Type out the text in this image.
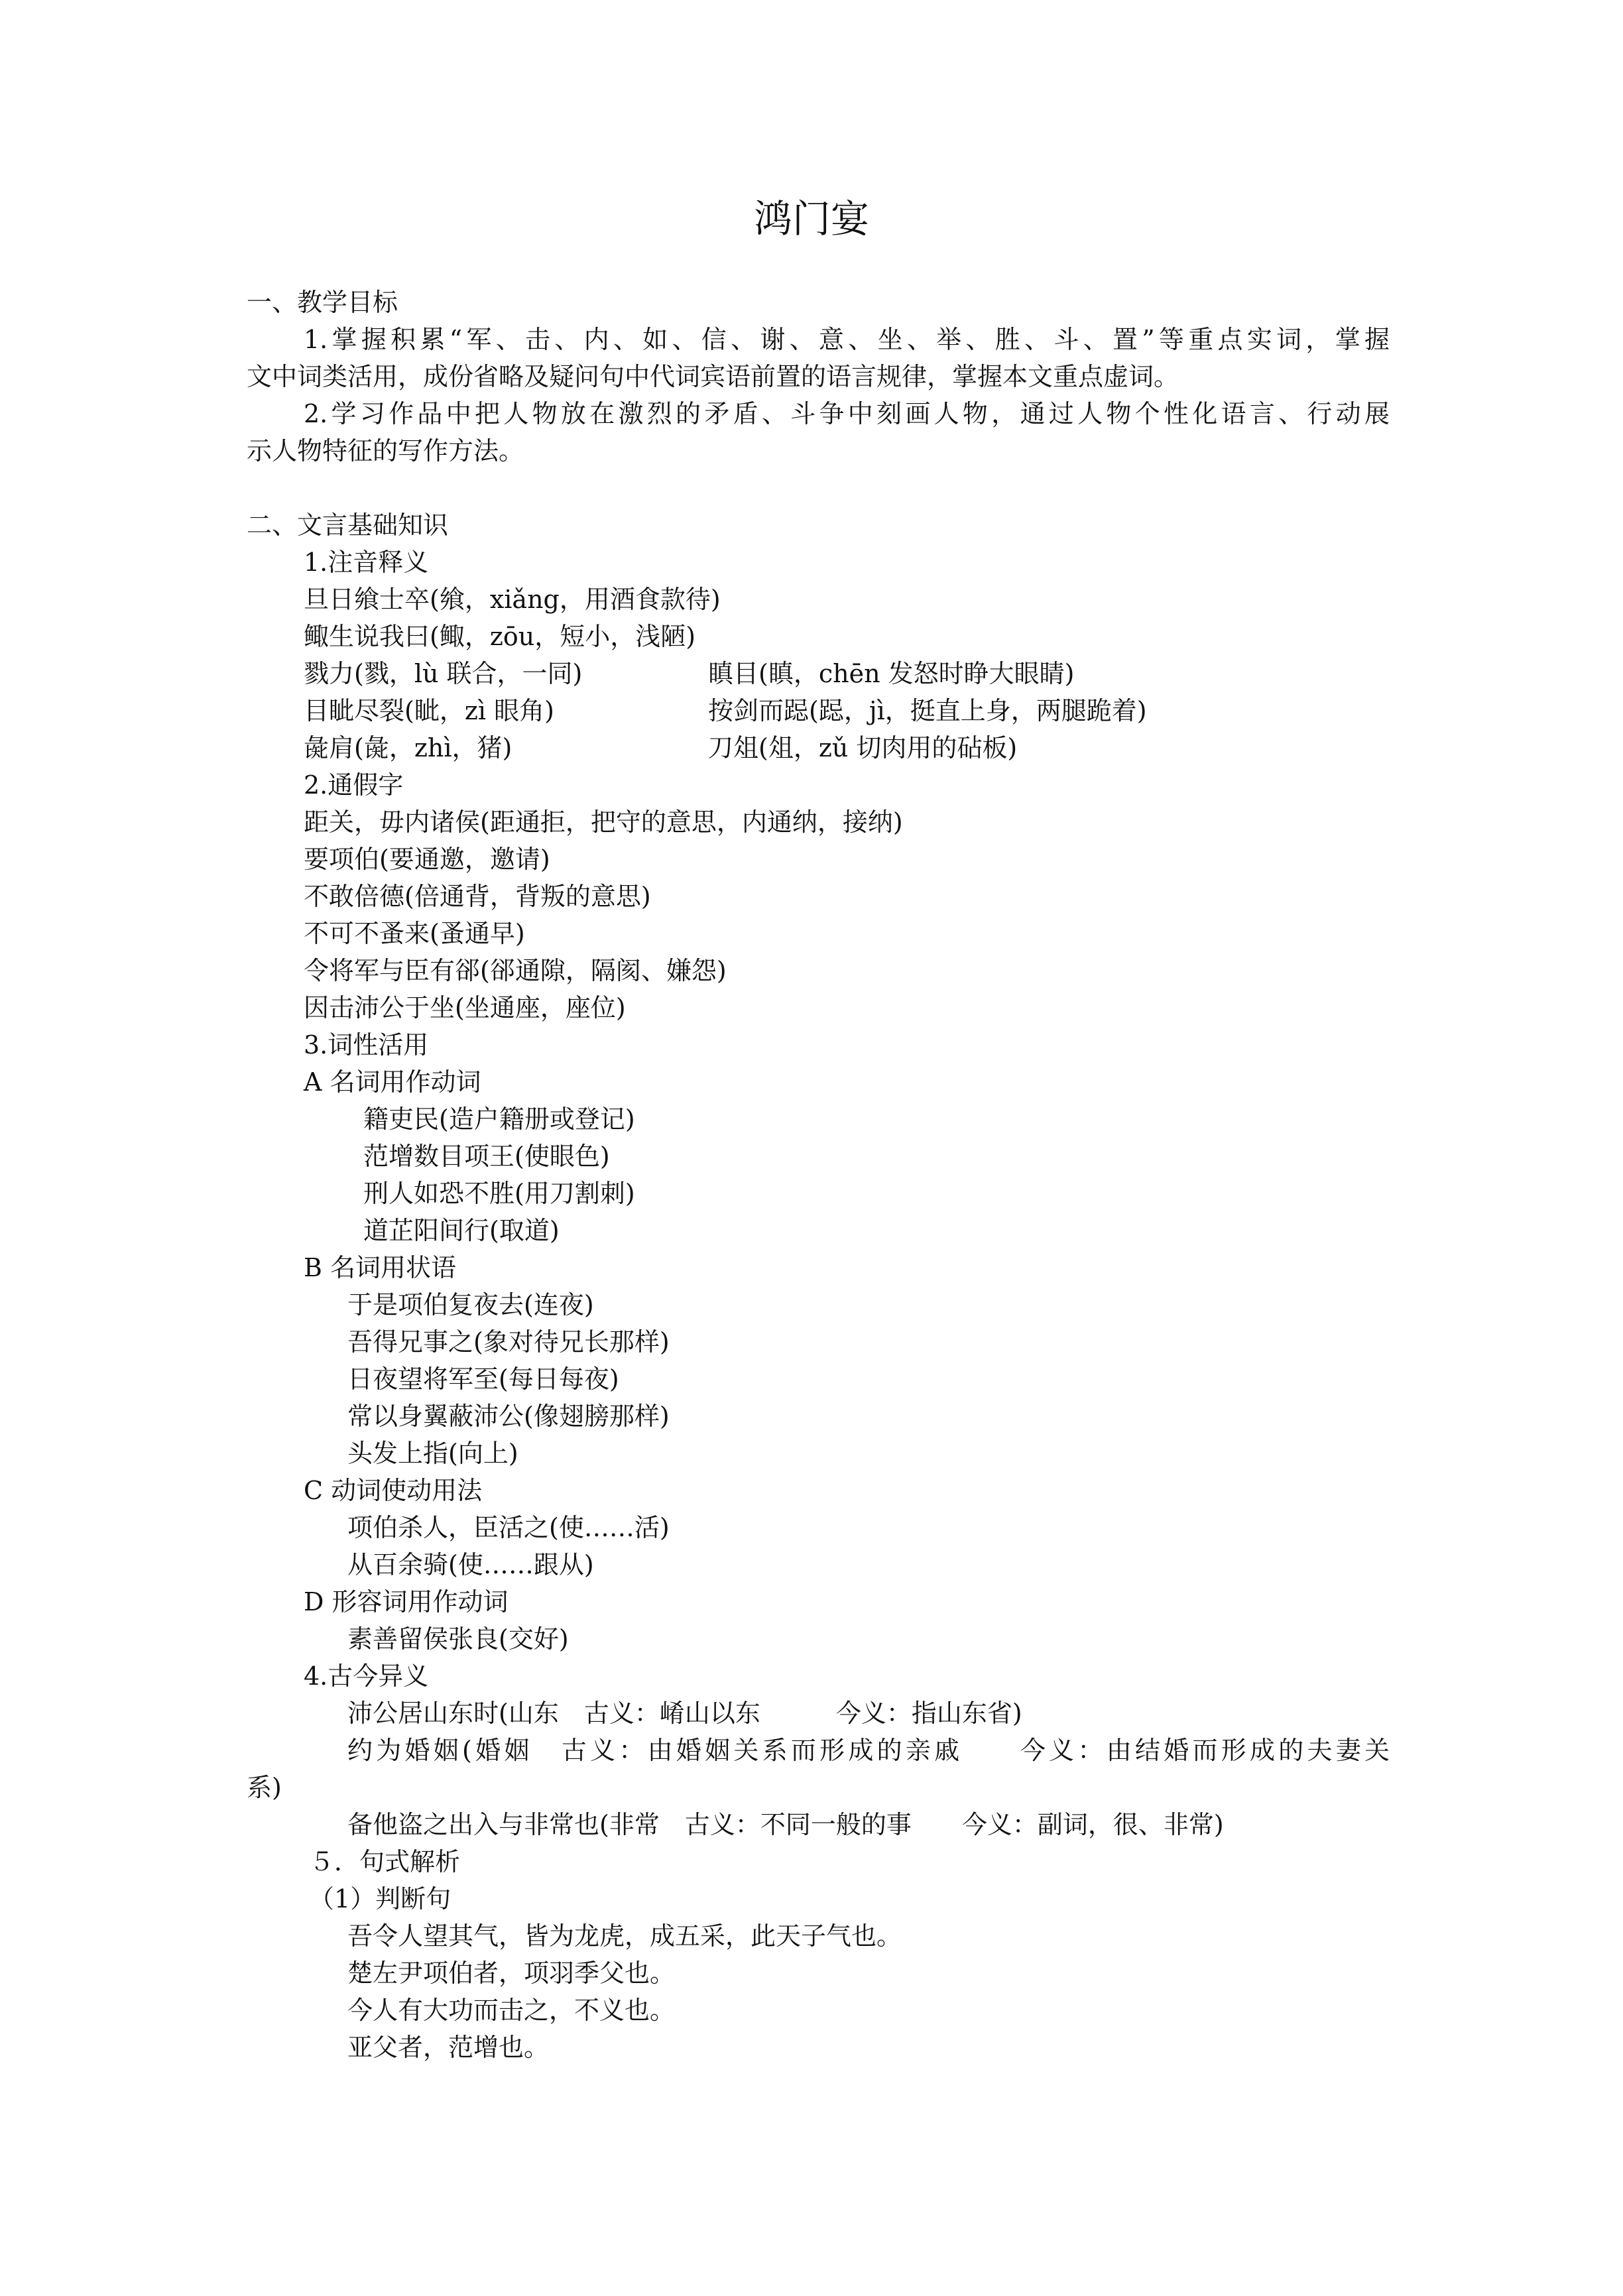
鸿门宴
一、教学目标
1.掌握积累“军、击、内、如、信、谢、意、坐、举、胜、斗、置”等重点实词，掌握
文中词类活用，成份省略及疑问句中代词宾语前置的语言规律，掌握本文重点虚词。
2.学习作品中把人物放在激烈的矛盾、斗争中刻画人物，通过人物个性化语言、行动展
示人物特征的写作方法。
二、文言基础知识
1.注音释义
旦日飨士卒(飨，xiǎng，用酒食款待)
鲰生说我曰(鲰，zōu，短小，浅陋)
戮力(戮，lù 联合，一同)	瞋目(瞋，chēn 发怒时睁大眼睛)
目眦尽裂(眦，zì 眼角)	按剑而跽(跽，jì，挺直上身，两腿跪着)
彘肩(彘，zhì，猪)	刀俎(俎，zǔ 切肉用的砧板)
2.通假字
距关，毋内诸侯(距通拒，把守的意思，内通纳，接纳)
要项伯(要通邀，邀请)
不敢倍德(倍通背，背叛的意思)
不可不蚤来(蚤通早)
令将军与臣有郤(郤通隙，隔阂、嫌怨)
因击沛公于坐(坐通座，座位)
3.词性活用
A 名词用作动词
籍吏民(造户籍册或登记)
范增数目项王(使眼色)
刑人如恐不胜(用刀割刺)
道芷阳间行(取道)
B 名词用状语
于是项伯复夜去(连夜)
吾得兄事之(象对待兄长那样)
日夜望将军至(每日每夜)
常以身翼蔽沛公(像翅膀那样)
头发上指(向上)
C 动词使动用法
项伯杀人，臣活之(使……活)
从百余骑(使……跟从)
D 形容词用作动词
素善留侯张良(交好)
4.古今异义
沛公居山东时(山东　古义：崤山以东　　　今义：指山东省)
约为婚姻(婚姻　古义：由婚姻关系而形成的亲戚　　今义：由结婚而形成的夫妻关
系)
备他盗之出入与非常也(非常　古义：不同一般的事　　今义：副词，很、非常)
５．句式解析
（1）判断句
吾令人望其气，皆为龙虎，成五采，此天子气也。
楚左尹项伯者，项羽季父也。
今人有大功而击之，不义也。
亚父者，范增也。
